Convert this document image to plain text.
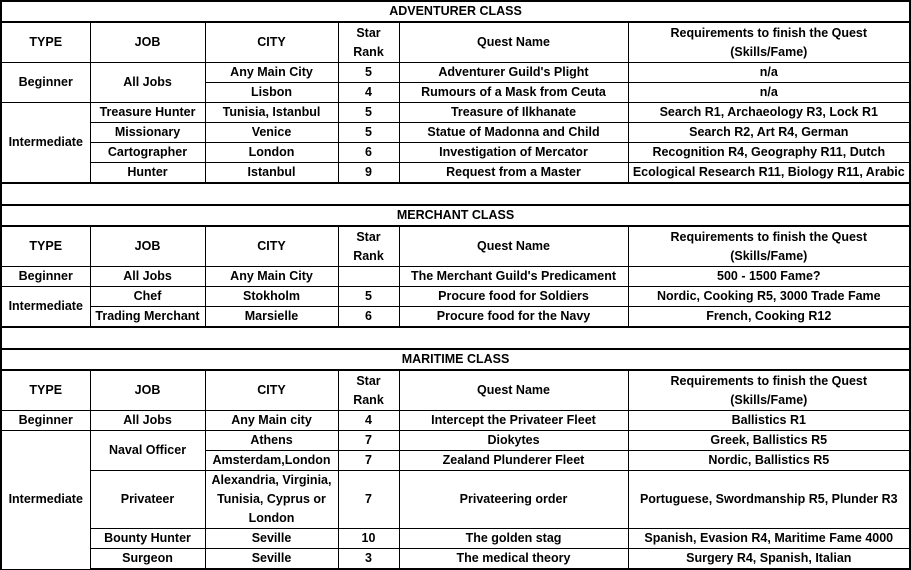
ADVENTURER CLASS					
TYPE	JOB	CITY	Star Rank	Quest Name	Requirements to finish the Quest
(Skills/Fame)
Beginner	All Jobs	Any Main City	5	Adventurer Guild's Plight	n/a
		Lisbon	4	Rumours of a Mask from Ceuta	n/a
Intermediate	Treasure Hunter	Tunisia, Istanbul	5	Treasure of Ilkhanate	Search R1, Archaeology R3, Lock R1
	Missionary	Venice	5	Statue of Madonna and Child	Search R2, Art R4, German
	Cartographer	London	6	Investigation of Mercator	Recognition R4, Geography R11, Dutch
	Hunter	Istanbul	9	Request from a Master	Ecological Research R11, Biology R11, Arabic

MERCHANT CLASS					
TYPE	JOB	CITY	Star Rank	Quest Name	Requirements to finish the Quest
(Skills/Fame)
Beginner	All Jobs	Any Main City		The Merchant Guild's Predicament	500 - 1500 Fame?
Intermediate	Chef	Stokholm	5	Procure food for Soldiers	Nordic, Cooking R5, 3000 Trade Fame
	Trading Merchant	Marsielle	6	Procure food for the Navy	French, Cooking R12

MARITIME CLASS					
TYPE	JOB	CITY	Star Rank	Quest Name	Requirements to finish the Quest
(Skills/Fame)
Beginner	All Jobs	Any Main city	4	Intercept the Privateer Fleet	Ballistics R1
Intermediate	Naval Officer	Athens	7	Diokytes	Greek, Ballistics R5
		Amsterdam,London	7	Zealand Plunderer Fleet	Nordic, Ballistics R5
	Privateer	Alexandria, Virginia, Tunisia, Cyprus or London	7	Privateering order	Portuguese, Swordmanship R5, Plunder R3
	Bounty Hunter	Seville	10	The golden stag	Spanish, Evasion R4, Maritime Fame 4000
	Surgeon	Seville	3	The medical theory	Surgery R4, Spanish, Italian
